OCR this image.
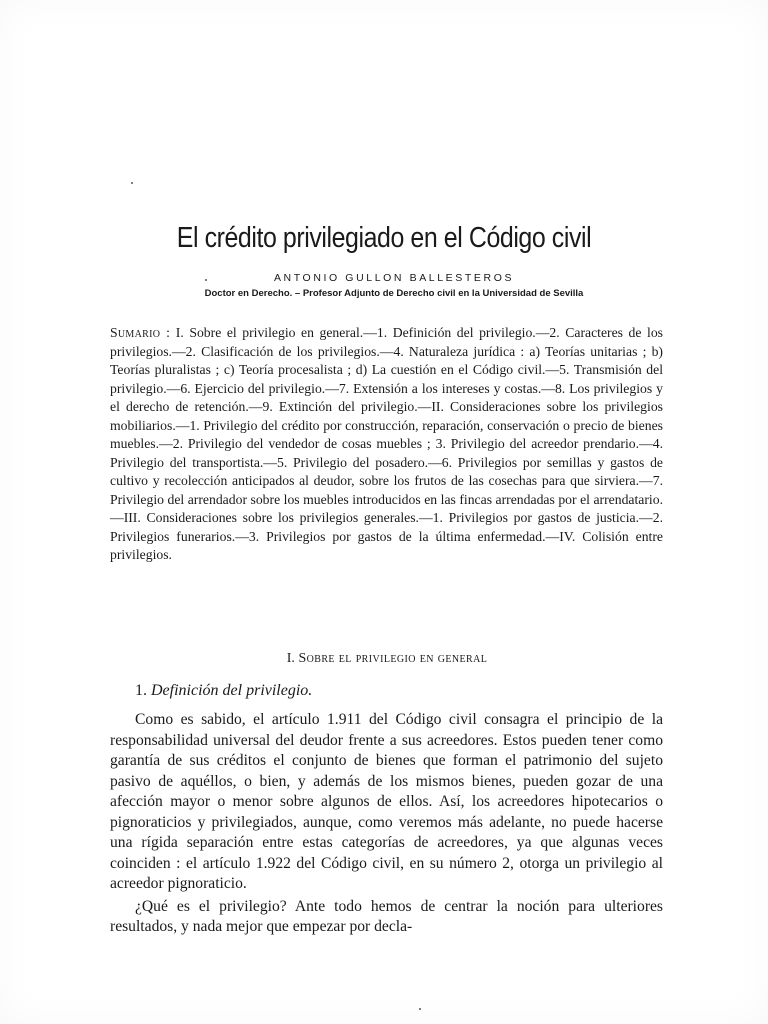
El crédito privilegiado en el Código civil
ANTONIO GULLON BALLESTEROS
Doctor en Derecho. – Profesor Adjunto de Derecho civil en la Universidad de Sevilla
Sumario : I. Sobre el privilegio en general.—1. Definición del privilegio.—2. Caracteres de los privilegios.—2. Clasificación de los privilegios.—4. Naturaleza jurídica : a) Teorías unitarias ; b) Teorías pluralistas ; c) Teoría procesalista ; d) La cuestión en el Código civil.—5. Transmisión del privilegio.—6. Ejercicio del privilegio.—7. Extensión a los intereses y costas.—8. Los privilegios y el derecho de retención.—9. Extinción del privilegio.—II. Consideraciones sobre los privilegios mobiliarios.—1. Privilegio del crédito por construcción, reparación, conservación o precio de bienes muebles.—2. Privilegio del vendedor de cosas muebles ; 3. Privilegio del acreedor prendario.—4. Privilegio del transportista.—5. Privilegio del posadero.—6. Privilegios por semillas y gastos de cultivo y recolección anticipados al deudor, sobre los frutos de las cosechas para que sirviera.—7. Privilegio del arrendador sobre los muebles introducidos en las fincas arrendadas por el arrendatario.—III. Consideraciones sobre los privilegios generales.—1. Privilegios por gastos de justicia.—2. Privilegios funerarios.—3. Privilegios por gastos de la última enfermedad.—IV. Colisión entre privilegios.
I. Sobre el privilegio en general
1. Definición del privilegio.

Como es sabido, el artículo 1.911 del Código civil consagra el principio de la responsabilidad universal del deudor frente a sus acreedores. Estos pueden tener como garantía de sus créditos el conjunto de bienes que forman el patrimonio del sujeto pasivo de aquéllos, o bien, y además de los mismos bienes, pueden gozar de una afección mayor o menor sobre algunos de ellos. Así, los acreedores hipotecarios o pignoraticios y privilegiados, aunque, como veremos más adelante, no puede hacerse una rígida separación entre estas categorías de acreedores, ya que algunas veces coinciden : el artículo 1.922 del Código civil, en su número 2, otorga un privilegio al acreedor pignoraticio.

¿Qué es el privilegio? Ante todo hemos de centrar la noción para ulteriores resultados, y nada mejor que empezar por decla-
